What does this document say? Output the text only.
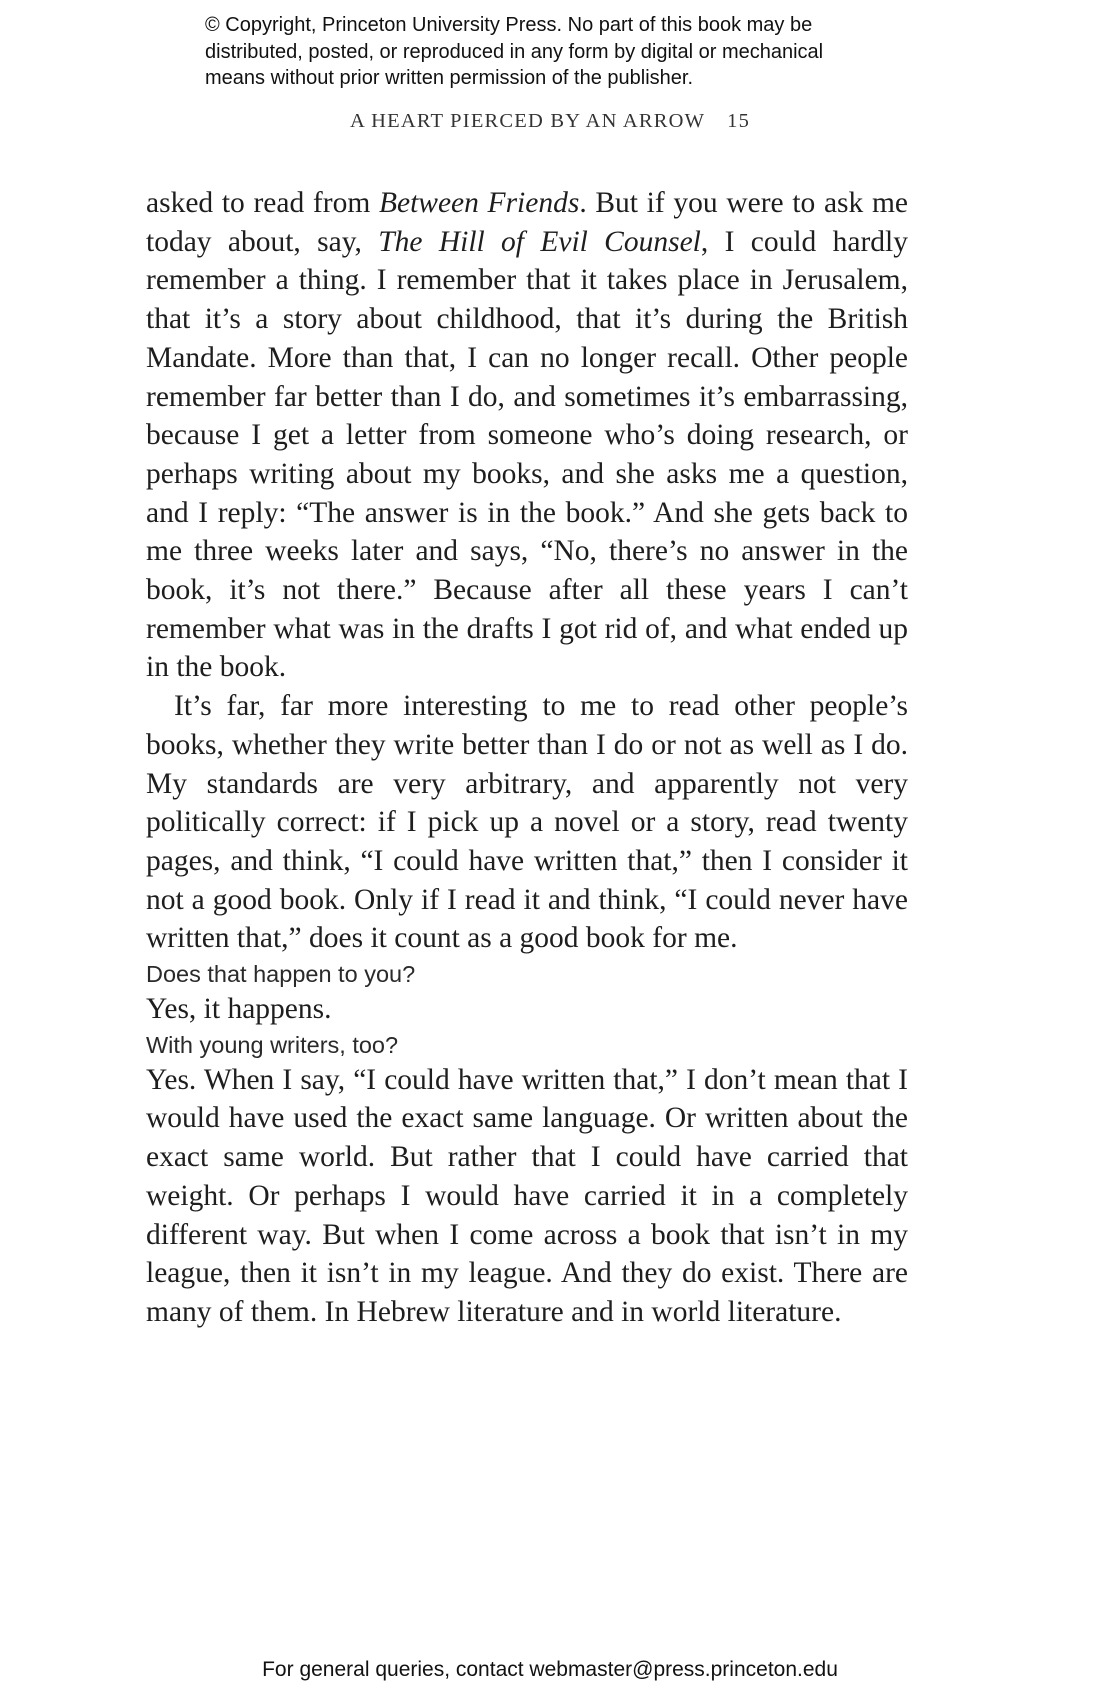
© Copyright, Princeton University Press. No part of this book may be
distributed, posted, or reproduced in any form by digital or mechanical
means without prior written permission of the publisher.
A HEART PIERCED BY AN ARROW 15

asked to read from Between Friends. But if you were to ask me today about, say, The Hill of Evil Counsel, I could hardly remember a thing. I remember that it takes place in Jerusalem, that it’s a story about childhood, that it’s during the British Mandate. More than that, I can no longer recall. Other people remember far better than I do, and sometimes it’s embarrassing, because I get a letter from someone who’s doing research, or perhaps writing about my books, and she asks me a question, and I reply: “The answer is in the book.” And she gets back to me three weeks later and says, “No, there’s no answer in the book, it’s not there.” Because after all these years I can’t remember what was in the drafts I got rid of, and what ended up in the book.

It’s far, far more interesting to me to read other people’s books, whether they write better than I do or not as well as I do. My standards are very arbitrary, and apparently not very politically correct: if I pick up a novel or a story, read twenty pages, and think, “I could have written that,” then I consider it not a good book. Only if I read it and think, “I could never have written that,” does it count as a good book for me.

Does that happen to you?

Yes, it happens.

With young writers, too?

Yes. When I say, “I could have written that,” I don’t mean that I would have used the exact same language. Or written about the exact same world. But rather that I could have carried that weight. Or perhaps I would have carried it in a completely different way. But when I come across a book that isn’t in my league, then it isn’t in my league. And they do exist. There are many of them. In Hebrew literature and in world literature.

For general queries, contact webmaster@press.princeton.edu
